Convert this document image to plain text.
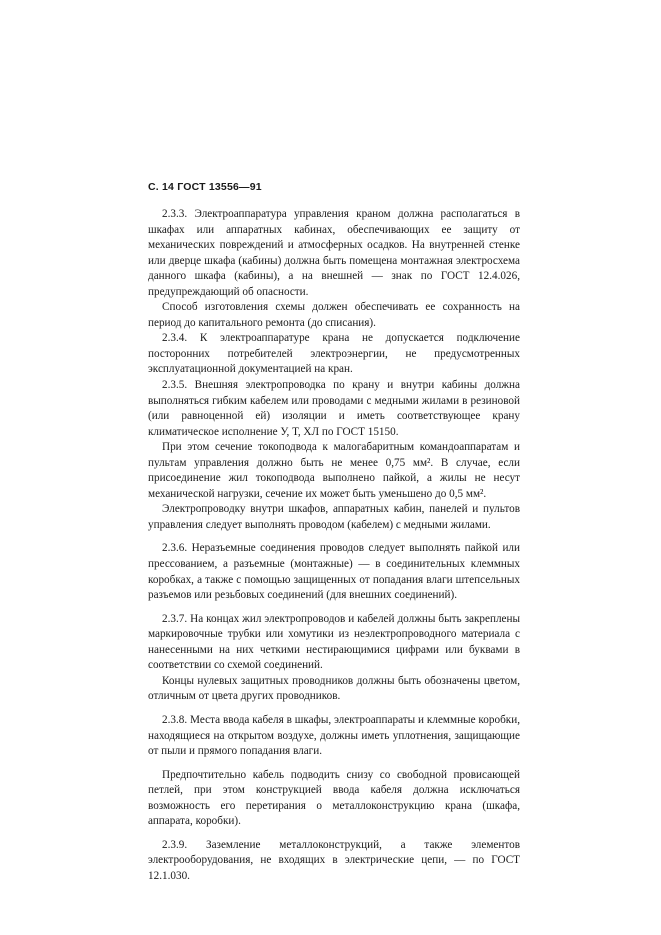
С. 14 ГОСТ 13556—91

2.3.3. Электроаппаратура управления краном должна располагаться в шкафах или аппаратных кабинах, обеспечивающих ее защиту от механических повреждений и атмосферных осадков. На внутренней стенке или дверце шкафа (кабины) должна быть помещена монтажная электросхема данного шкафа (кабины), а на внешней — знак по ГОСТ 12.4.026, предупреждающий об опасности.

Способ изготовления схемы должен обеспечивать ее сохранность на период до капитального ремонта (до списания).

2.3.4. К электроаппаратуре крана не допускается подключение посторонних потребителей электроэнергии, не предусмотренных эксплуатационной документацией на кран.

2.3.5. Внешняя электропроводка по крану и внутри кабины должна выполняться гибким кабелем или проводами с медными жилами в резиновой (или равноценной ей) изоляции и иметь соответствующее крану климатическое исполнение У, Т, ХЛ по ГОСТ 15150.

При этом сечение токоподвода к малогабаритным командоаппаратам и пультам управления должно быть не менее 0,75 мм². В случае, если присоединение жил токоподвода выполнено пайкой, а жилы не несут механической нагрузки, сечение их может быть уменьшено до 0,5 мм².

Электропроводку внутри шкафов, аппаратных кабин, панелей и пультов управления следует выполнять проводом (кабелем) с медными жилами.

2.3.6. Неразъемные соединения проводов следует выполнять пайкой или прессованием, а разъемные (монтажные) — в соединительных клеммных коробках, а также с помощью защищенных от попадания влаги штепсельных разъемов или резьбовых соединений (для внешних соединений).

2.3.7. На концах жил электропроводов и кабелей должны быть закреплены маркировочные трубки или хомутики из неэлектропроводного материала с нанесенными на них четкими нестирающимися цифрами или буквами в соответствии со схемой соединений.

Концы нулевых защитных проводников должны быть обозначены цветом, отличным от цвета других проводников.

2.3.8. Места ввода кабеля в шкафы, электроаппараты и клеммные коробки, находящиеся на открытом воздухе, должны иметь уплотнения, защищающие от пыли и прямого попадания влаги.

Предпочтительно кабель подводить снизу со свободной провисающей петлей, при этом конструкцией ввода кабеля должна исключаться возможность его перетирания о металлоконструкцию крана (шкафа, аппарата, коробки).

2.3.9. Заземление металлоконструкций, а также элементов электрооборудования, не входящих в электрические цепи, — по ГОСТ 12.1.030.
